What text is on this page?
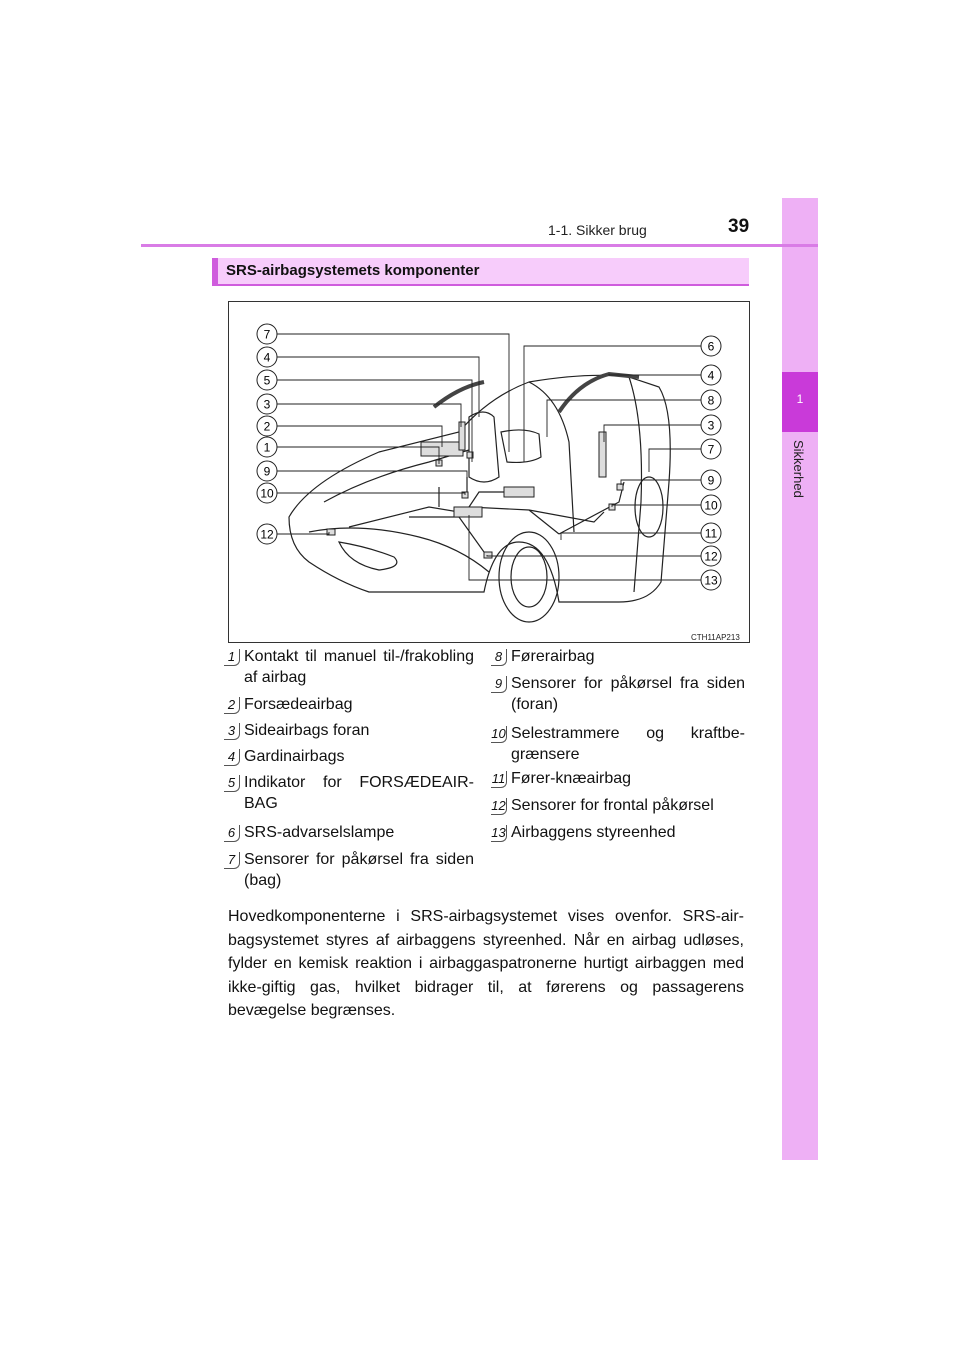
1
Sikkerhed
1-1. Sikker brug	39
SRS-airbagsystemets komponenter
7
4
5
3
2
1
9
10
12
6
4
8
3
7
9
10
11
12
13
CTH11AP213
1 Kontakt til manuel til-/frakobling af airbag
2 Forsædeairbag
3 Sideairbags foran
4 Gardinairbags
5 Indikator for FORSÆDEAIR-BAG
6 SRS-advarselslampe
7 Sensorer for påkørsel fra siden (bag)
8 Førerairbag
9 Sensorer for påkørsel fra siden (foran)
10 Selestrammere og kraftbe-grænsere
11 Fører-knæairbag
12 Sensorer for frontal påkørsel
13 Airbaggens styreenhed
Hovedkomponenterne i SRS-airbagsystemet vises ovenfor. SRS-air-bagsystemet styres af airbaggens styreenhed. Når en airbag udløses, fylder en kemisk reaktion i airbaggaspatronerne hurtigt airbaggen med ikke-giftig gas, hvilket bidrager til, at førerens og passagerens bevægelse begrænses.
